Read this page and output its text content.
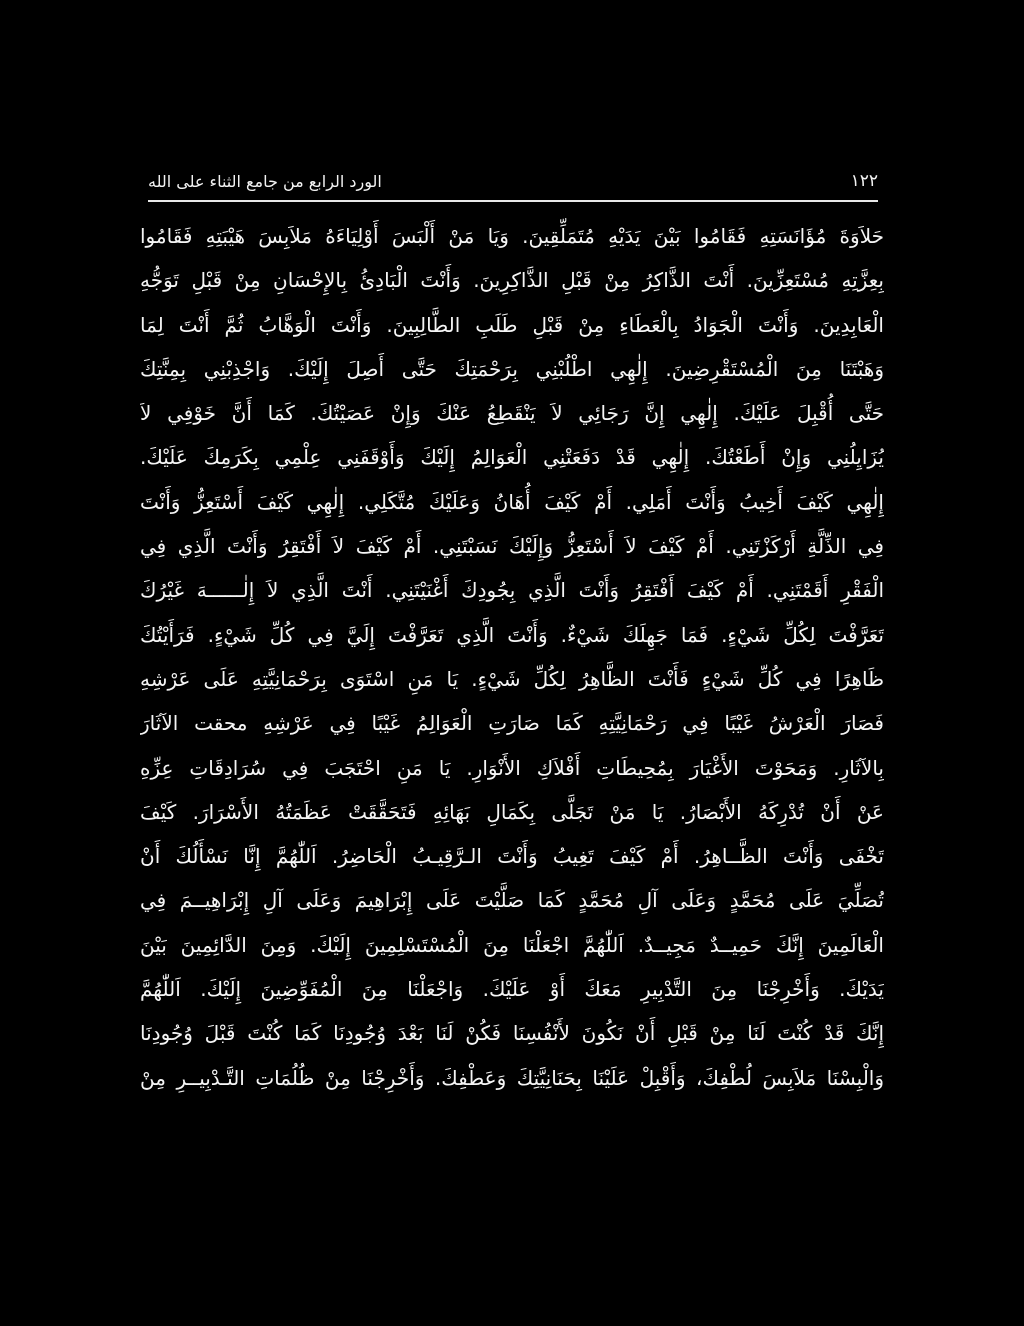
١٢٢
الورد الرابع من جامع الثناء على الله
حَلاَوَةَ مُؤَانَسَتِهِ فَقَامُوا بَيْنَ يَدَيْهِ مُتَمَلِّقِينَ. وَيَا مَنْ أَلْبَسَ أَوْلِيَاءَهُ مَلاَبِسَ هَيْبَتِهِ فَقَامُوا
بِعِزَّتِهِ مُسْتَعِزِّينَ. أَنْتَ الذَّاكِرُ مِنْ قَبْلِ الذَّاكِرِينَ. وَأَنْتَ الْبَادِئُ بِالإِحْسَانِ مِنْ قَبْلِ تَوَجُّهِ
الْعَابِدِينَ. وَأَنْتَ الْجَوَادُ بِالْعَطَاءِ مِنْ قَبْلِ طَلَبِ الطَّالِبِينَ. وَأَنْتَ الْوَهَّابُ ثُمَّ أَنْتَ لِمَا
وَهَبْتَنَا مِنَ الْمُسْتَقْرِضِينَ. إِلٰهِي اطْلُبْنِي بِرَحْمَتِكَ حَتَّى أَصِلَ إِلَيْكَ. وَاجْذِبْنِي بِمِنَّتِكَ
حَتَّى أُقْبِلَ عَلَيْكَ. إِلٰهِي إِنَّ رَجَائِي لاَ يَنْقَطِعُ عَنْكَ وَإِنْ عَصَيْتُكَ. كَمَا أَنَّ خَوْفِي لاَ
يُزَايِلُنِي وَإِنْ أَطَعْتُكَ. إِلٰهِي قَدْ دَفَعَتْنِي الْعَوَالِمُ إِلَيْكَ وَأَوْقَفَنِي عِلْمِي بِكَرَمِكَ عَلَيْكَ.
إِلٰهِي كَيْفَ أَخِيبُ وَأَنْتَ أَمَلِي. أَمْ كَيْفَ أُهَانُ وَعَلَيْكَ مُتَّكَلِي. إِلٰهِي كَيْفَ أَسْتَعِزُّ وَأَنْتَ
فِي الذِّلَّةِ أَرْكَزْتَنِي. أَمْ كَيْفَ لاَ أَسْتَعِزُّ وَإِلَيْكَ نَسَبْتَنِي. أَمْ كَيْفَ لاَ أَفْتَقِرُ وَأَنْتَ الَّذِي فِي
الْفَقْرِ أَقَمْتَنِي. أَمْ كَيْفَ أَفْتَقِرُ وَأَنْتَ الَّذِي بِجُودِكَ أَغْنَيْتَنِي. أَنْتَ الَّذِي لاَ إِلٰــــــهَ غَيْرُكَ
تَعَرَّفْتَ لِكُلِّ شَيْءٍ. فَمَا جَهِلَكَ شَيْءٌ. وَأَنْتَ الَّذِي تَعَرَّفْتَ إِلَيَّ فِي كُلِّ شَيْءٍ. فَرَأَيْتُكَ
ظَاهِرًا فِي كُلِّ شَيْءٍ فَأَنْتَ الظَّاهِرُ لِكُلِّ شَيْءٍ. يَا مَنِ اسْتَوَى بِرَحْمَانِيَّتِهِ عَلَى عَرْشِهِ
فَصَارَ الْعَرْشُ غَيْبًا فِي رَحْمَانِيَّتِهِ كَمَا صَارَتِ الْعَوَالِمُ غَيْبًا فِي عَرْشِهِ محقت الآثَارَ
بِالآثَارِ. وَمَحَوْتَ الأَغْيَارَ بِمُحِيطَاتِ أَفْلاَكِ الأَنْوَارِ. يَا مَنِ احْتَجَبَ فِي سُرَادِقَاتِ عِزِّهِ
عَنْ أَنْ تُدْرِكَهُ الأَبْصَارُ. يَا مَنْ تَجَلَّى بِكَمَالِ بَهَائِهِ فَتَحَقَّقَتْ عَظَمَتُهُ الأَسْرَارَ. كَيْفَ
تَخْفَى وَأَنْتَ الظَّــاهِرُ. أَمْ كَيْفَ تَغِيبُ وَأَنْتَ الـرَّقِيـبُ الْحَاضِرُ. اَللّٰهُمَّ إِنَّا نَسْأَلُكَ أَنْ
تُصَلِّيَ عَلَى مُحَمَّدٍ وَعَلَى آلِ مُحَمَّدٍ كَمَا صَلَّيْتَ عَلَى إِبْرَاهِيمَ وَعَلَى آلِ إِبْرَاهِيــمَ فِي
الْعَالَمِينَ إِنَّكَ حَمِيــدٌ مَجِيــدٌ. اَللّٰهُمَّ اجْعَلْنَا مِنَ الْمُسْتَسْلِمِينَ إِلَيْكَ. وَمِنَ الدَّائِمِينَ بَيْنَ
يَدَيْكَ. وَأَخْرِجْنَا مِنَ التَّدْبِيرِ مَعَكَ أَوْ عَلَيْكَ. وَاجْعَلْنَا مِنَ الْمُفَوِّضِينَ إِلَيْكَ. اَللّٰهُمَّ
إِنَّكَ قَدْ كُنْتَ لَنَا مِنْ قَبْلِ أَنْ نَكُونَ لأَنْفُسِنَا فَكُنْ لَنَا بَعْدَ وُجُودِنَا كَمَا كُنْتَ قَبْلَ وُجُودِنَا
وَالْبِسْنَا مَلاَبِسَ لُطْفِكَ، وَأَقْبِلْ عَلَيْنَا بِحَنَانِيَّتِكَ وَعَطْفِكَ. وَأَخْرِجْنَا مِنْ ظُلُمَاتِ التَّـدْبِيــرِ مِنْ
